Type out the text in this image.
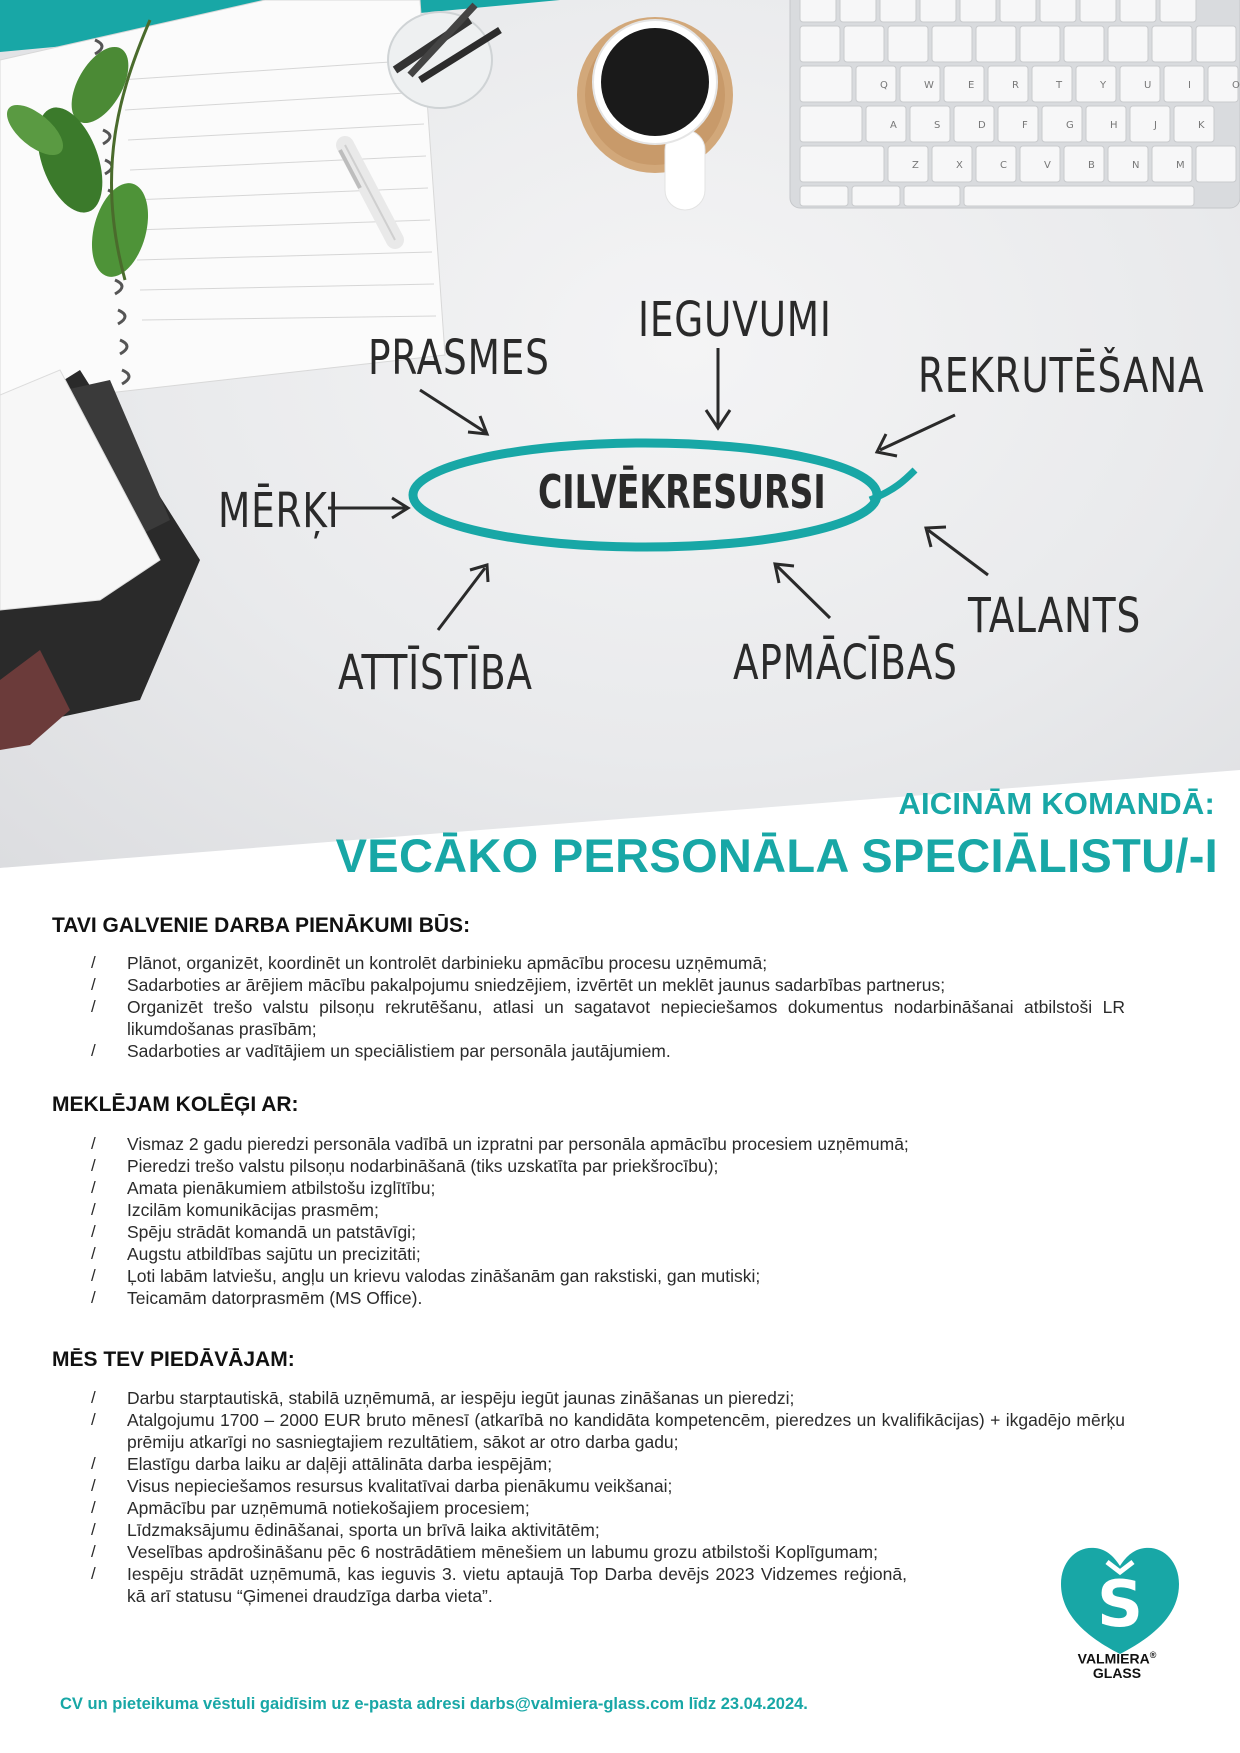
Q	W	E	R	T	Y	U	I	O
A	S	D	F	G	H	J	K
Z	X	C	V	B	N	M
CILVĒKRESURSI
IEGUVUMI
PRASMES	REKRUTĒŠANA
MĒRĶI
TALANTS
ATTĪSTĪBA	APMĀCĪBAS
AICINĀM KOMANDĀ:
VECĀKO PERSONĀLA SPECIĀLISTU/-I
TAVI GALVENIE DARBA PIENĀKUMI BŪS:
/ Plānot, organizēt, koordinēt un kontrolēt darbinieku apmācību procesu uzņēmumā;
/ Sadarboties ar ārējiem mācību pakalpojumu sniedzējiem, izvērtēt un meklēt jaunus sadarbības partnerus;
/ Organizēt trešo valstu pilsoņu rekrutēšanu, atlasi un sagatavot nepieciešamos dokumentus nodarbināšanai atbilstoši LR likumdošanas prasībām;
/ Sadarboties ar vadītājiem un speciālistiem par personāla jautājumiem.
MEKLĒJAM KOLĒĢI AR:
/ Vismaz 2 gadu pieredzi personāla vadībā un izpratni par personāla apmācību procesiem uzņēmumā;
/ Pieredzi trešo valstu pilsoņu nodarbināšanā (tiks uzskatīta par priekšrocību);
/ Amata pienākumiem atbilstošu izglītību;
/ Izcilām komunikācijas prasmēm;
/ Spēju strādāt komandā un patstāvīgi;
/ Augstu atbildības sajūtu un precizitāti;
/ Ļoti labām latviešu, angļu un krievu valodas zināšanām gan rakstiski, gan mutiski;
/ Teicamām datorprasmēm (MS Office).
MĒS TEV PIEDĀVĀJAM:
/ Darbu starptautiskā, stabilā uzņēmumā, ar iespēju iegūt jaunas zināšanas un pieredzi;
/ Atalgojumu 1700 – 2000 EUR bruto mēnesī (atkarībā no kandidāta kompetencēm, pieredzes un kvalifikācijas) + ikgadējo mērķu prēmiju atkarīgi no sasniegtajiem rezultātiem, sākot ar otro darba gadu;
/ Elastīgu darba laiku ar daļēji attālināta darba iespējām;
/ Visus nepieciešamos resursus kvalitatīvai darba pienākumu veikšanai;
/ Apmācību par uzņēmumā notiekošajiem procesiem;
/ Līdzmaksājumu ēdināšanai, sporta un brīvā laika aktivitātēm;
/ Veselības apdrošināšanu pēc 6 nostrādātiem mēnešiem un labumu grozu atbilstoši Koplīgumam;
/ Iespēju strādāt uzņēmumā, kas ieguvis 3. vietu aptaujā Top Darba devējs 2023 Vidzemes reģionā, kā arī statusu “Ģimenei draudzīga darba vieta”.	S
VALMIERA®
GLASS
CV un pieteikuma vēstuli gaidīsim uz e-pasta adresi darbs@valmiera-glass.com līdz 23.04.2024.
